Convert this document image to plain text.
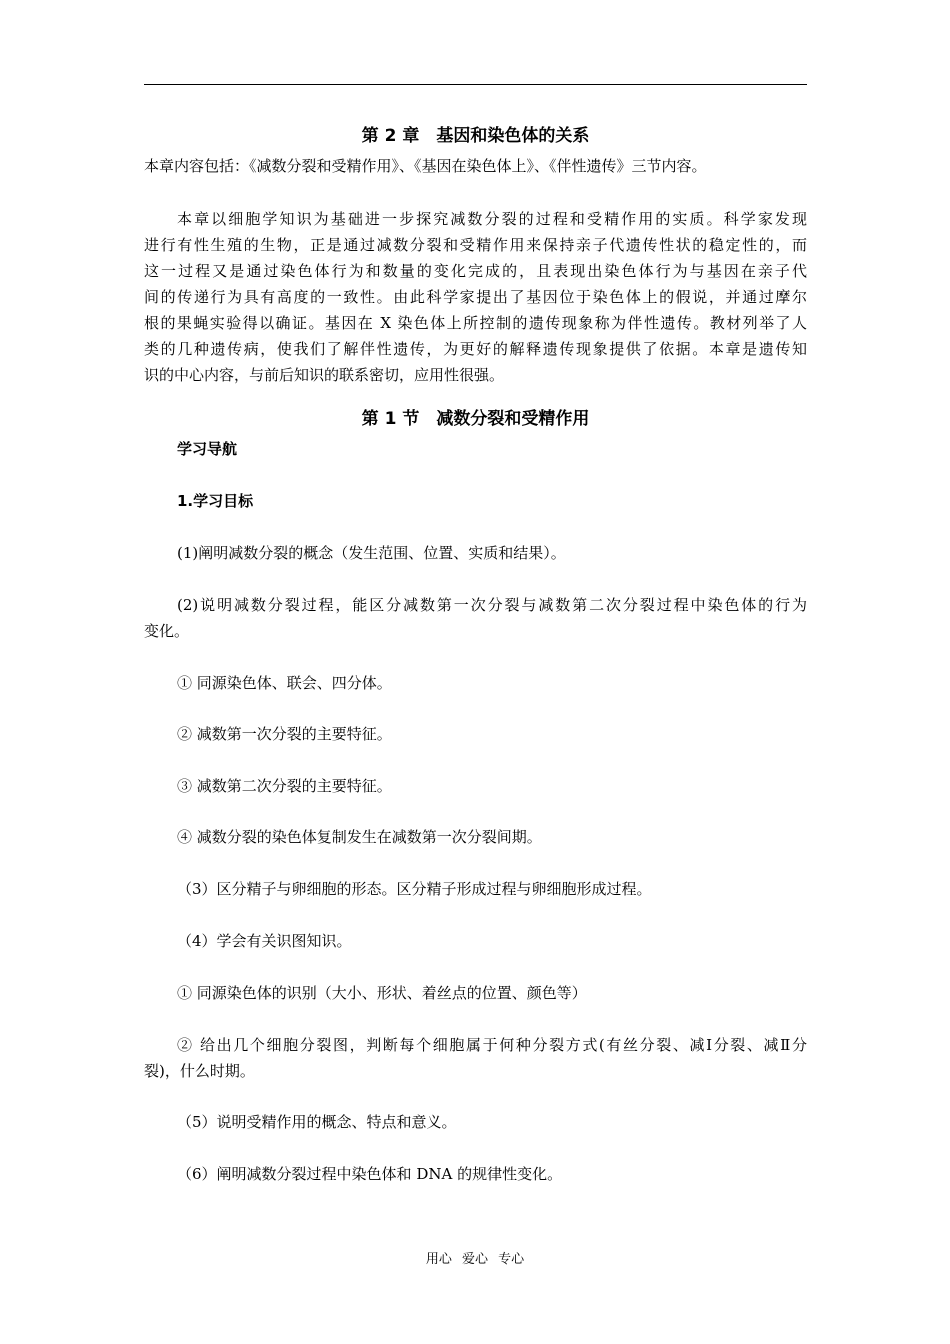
第 2 章　基因和染色体的关系
本章内容包括：《减数分裂和受精作用》、《基因在染色体上》、《伴性遗传》三节内容。
本章以细胞学知识为基础进一步探究减数分裂的过程和受精作用的实质。科学家发现
进行有性生殖的生物，正是通过减数分裂和受精作用来保持亲子代遗传性状的稳定性的，而
这一过程又是通过染色体行为和数量的变化完成的，且表现出染色体行为与基因在亲子代
间的传递行为具有高度的一致性。由此科学家提出了基因位于染色体上的假说，并通过摩尔
根的果蝇实验得以确证。基因在 X 染色体上所控制的遗传现象称为伴性遗传。教材列举了人
类的几种遗传病，使我们了解伴性遗传，为更好的解释遗传现象提供了依据。本章是遗传知
识的中心内容，与前后知识的联系密切，应用性很强。
第 1 节　减数分裂和受精作用
学习导航
1.学习目标
(1)阐明减数分裂的概念（发生范围、位置、实质和结果）。
(2)说明减数分裂过程，能区分减数第一次分裂与减数第二次分裂过程中染色体的行为
变化。
① 同源染色体、联会、四分体。
② 减数第一次分裂的主要特征。
③ 减数第二次分裂的主要特征。
④ 减数分裂的染色体复制发生在减数第一次分裂间期。
（3）区分精子与卵细胞的形态。区分精子形成过程与卵细胞形成过程。
（4）学会有关识图知识。
① 同源染色体的识别（大小、形状、着丝点的位置、颜色等）
② 给出几个细胞分裂图，判断每个细胞属于何种分裂方式(有丝分裂、减Ⅰ分裂、减Ⅱ分
裂)，什么时期。
（5）说明受精作用的概念、特点和意义。
（6）阐明减数分裂过程中染色体和 DNA 的规律性变化。
用心 爱心 专心
